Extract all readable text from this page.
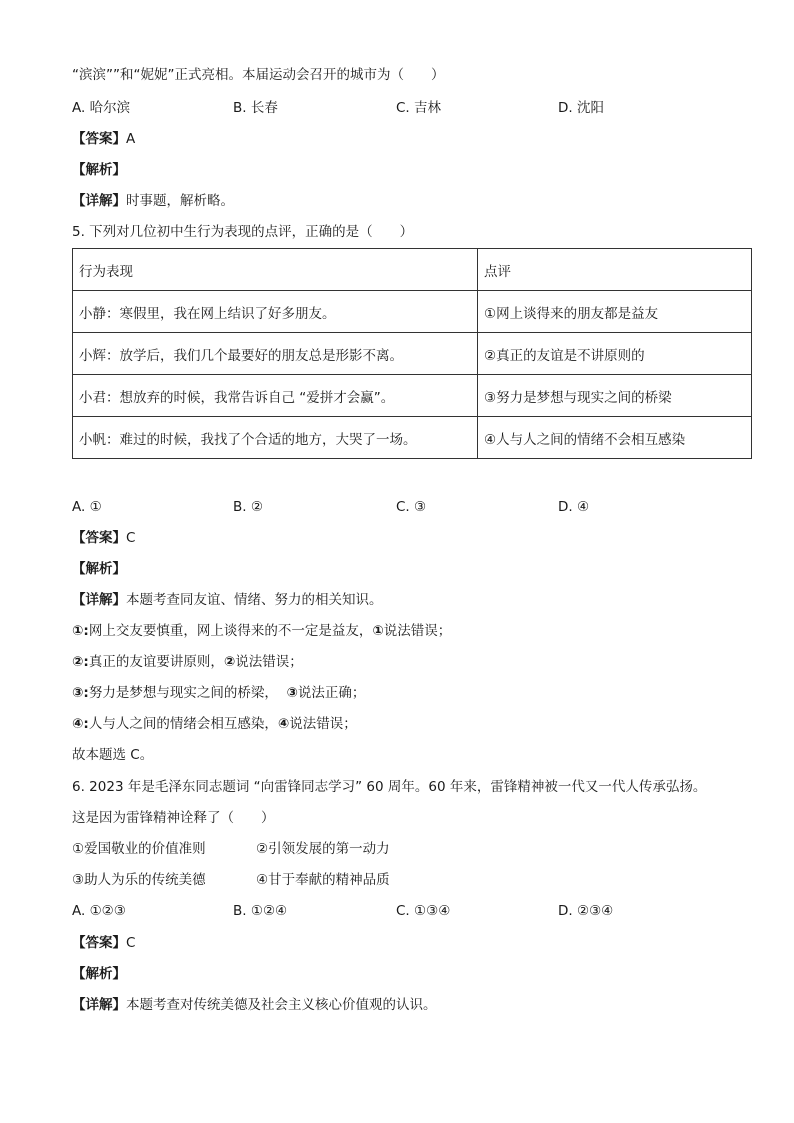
“滨滨””和“妮妮”正式亮相。本届运动会召开的城市为（　　）
A. 哈尔滨	B. 长春	C. 吉林	D. 沈阳
【答案】A
【解析】
【详解】时事题，解析略。
5. 下列对几位初中生行为表现的点评，正确的是（　　）
行为表现	点评
小静：寒假里，我在网上结识了好多朋友。	①网上谈得来的朋友都是益友
小辉：放学后，我们几个最要好的朋友总是形影不离。	②真正的友谊是不讲原则的
小君：想放弃的时候，我常告诉自己 “爱拼才会赢”。	③努力是梦想与现实之间的桥梁
小帆：难过的时候，我找了个合适的地方，大哭了一场。	④人与人之间的情绪不会相互感染
A. ①	B. ②	C. ③	D. ④
【答案】C
【解析】
【详解】本题考查同友谊、情绪、努力的相关知识。
①:网上交友要慎重，网上谈得来的不一定是益友，①说法错误；
②:真正的友谊要讲原则，②说法错误；
③:努力是梦想与现实之间的桥梁，  ③说法正确；
④:人与人之间的情绪会相互感染，④说法错误；
故本题选 C。
6. 2023 年是毛泽东同志题词 “向雷锋同志学习” 60 周年。60 年来，雷锋精神被一代又一代人传承弘扬。
这是因为雷锋精神诠释了（　　）
①爱国敬业的价值准则	②引领发展的第一动力
③助人为乐的传统美德	④甘于奉献的精神品质
A. ①②③	B. ①②④	C. ①③④	D. ②③④
【答案】C
【解析】
【详解】本题考查对传统美德及社会主义核心价值观的认识。
